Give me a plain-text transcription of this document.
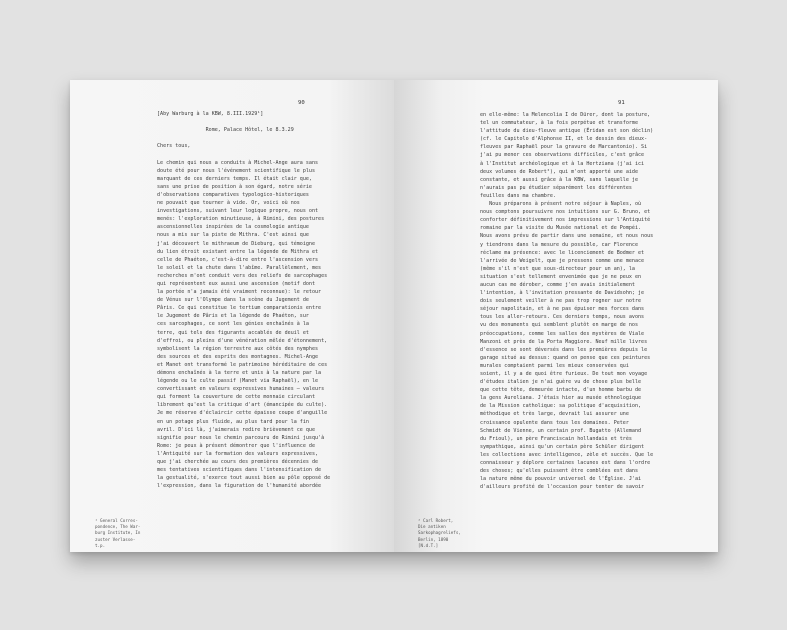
90
[Aby Warburg à la KBW, 8.III.1929¹]
Rome, Palace Hôtel, le 8.3.29
Chers tous,
Le chemin qui nous a conduits à Michel-Ange aura sans
doute été pour nous l'événement scientifique le plus
marquant de ces derniers temps. Il était clair que,
sans une prise de position à son égard, notre série
d'observations comparatives typologico-historiques
ne pouvait que tourner à vide. Or, voici où nos
investigations, suivant leur logique propre, nous ont
menés: l'exploration minutieuse, à Rimini, des postures
ascensionnelles inspirées de la cosmologie antique
nous a mis sur la piste de Mithra. C'est ainsi que
j'ai découvert le mithraeum de Dieburg, qui témoigne
du lien étroit existant entre la légende de Mithra et
celle de Phaéton, c'est-à-dire entre l'ascension vers
le soleil et la chute dans l'abîme. Parallèlement, mes
recherches m'ont conduit vers des reliefs de sarcophages
qui représentent eux aussi une ascension (motif dont
la portée n'a jamais été vraiment reconnue): le retour
de Vénus sur l'Olympe dans la scène du Jugement de
Pâris. Ce qui constitue le tertium comparationis entre
le Jugement de Pâris et la légende de Phaéton, sur
ces sarcophages, ce sont les génies enchaînés à la
terre, qui tels des figurants accablés de deuil et
d'effroi, ou pleins d'une vénération mêlée d'étonnement,
symbolisent la région terrestre aux côtés des nymphes
des sources et des esprits des montagnes. Michel-Ange
et Manet ont transformé le patrimoine héréditaire de ces
démons enchaînés à la terre et unis à la nature par la
légende ou le culte passif (Manet via Raphaël), en le
convertissant en valeurs expressives humaines — valeurs
qui forment la couverture de cette monnaie circulant
librement qu'est la critique d'art (émancipée du culte).
Je me réserve d'éclaircir cette épaisse coupe d'anguille
en un potage plus fluide, au plus tard pour la fin
avril. D'ici là, j'aimerais redire brièvement ce que
signifie pour nous le chemin parcouru de Rimini jusqu'à
Rome: je peux à présent démontrer que l'influence de
l'Antiquité sur la formation des valeurs expressives,
que j'ai cherchée au cours des premières décennies de
mes tentatives scientifiques dans l'intensification de
la gestualité, s'exerce tout aussi bien au pôle opposé de
l'expression, dans la figuration de l'humanité abordée
¹ General Corres-
pondence, The War-
burg Institute, In
zuster Verlasse-
t.p.
91
en elle-même: la Melencolia I de Dürer, dont la posture,
tel un commutateur, à la fois perpétue et transforme
l'attitude du dieu-fleuve antique (Éridan est son déclin)
(cf. le Capitolo d'Alphonse II, et le dessin des dieux-
fleuves par Raphaël pour la gravure de Marcantonio). Si
j'ai pu mener ces observations difficiles, c'est grâce
à l'Institut archéologique et à la Hertziana (j'ai ici
deux volumes de Robert²), qui m'ont apporté une aide
constante, et aussi grâce à la KBW, sans laquelle je
n'aurais pas pu étudier séparément les différentes
feuilles dans ma chambre.
Nous préparons à présent notre séjour à Naples, où
nous comptons poursuivre nos intuitions sur G. Bruno, et
conforter définitivement nos impressions sur l'Antiquité
romaine par la visite du Musée national et de Pompéi.
Nous avons prévu de partir dans une semaine, et nous nous
y tiendrons dans la mesure du possible, car Florence
réclame ma présence: avec le licenciement de Bodmer et
l'arrivée de Weigelt, que je pressens comme une menace
(même s'il n'est que sous-directeur pour un an), la
situation s'est tellement envenimée que je ne peux en
aucun cas me dérober, comme j'en avais initialement
l'intention, à l'invitation pressante de Davidsohn; je
dois seulement veiller à ne pas trop rogner sur notre
séjour napolitain, et à ne pas épuiser mes forces dans
tous les aller-retours. Ces derniers temps, nous avons
vu des monuments qui semblent plutôt en marge de nos
préoccupations, comme les salles des mystères de Viale
Manzoni et près de la Porta Maggiore. Neuf mille livres
d'essence se sont déversés dans les premières depuis le
garage situé au dessus: quand on pense que ces peintures
murales comptaient parmi les mieux conservées qui
soient, il y a de quoi être furieux. De tout mon voyage
d'études italien je n'ai guère vu de chose plus belle
que cette tête, demeurée intacte, d'un homme barbu de
la gens Aureliana. J'étais hier au musée ethnologique
de la Mission catholique: sa politique d'acquisition,
méthodique et très large, devrait lui assurer une
croissance opulente dans tous les domaines. Peter
Schmidt de Vienne, un certain prof. Bugatto (Allemand
du Frioul), un père Franciscain hollandais et très
sympathique, ainsi qu'un certain père Schüler dirigent
les collections avec intelligence, zèle et succès. Que le
connaisseur y déplore certaines lacunes est dans l'ordre
des choses; qu'elles puissent être comblées est dans
la nature même du pouvoir universel de l'Église. J'ai
d'ailleurs profité de l'occasion pour tenter de savoir
² Carl Robert,
Die antiken
Sarkophagreliefs,
Berlin, 1890
[N.d.T.]
